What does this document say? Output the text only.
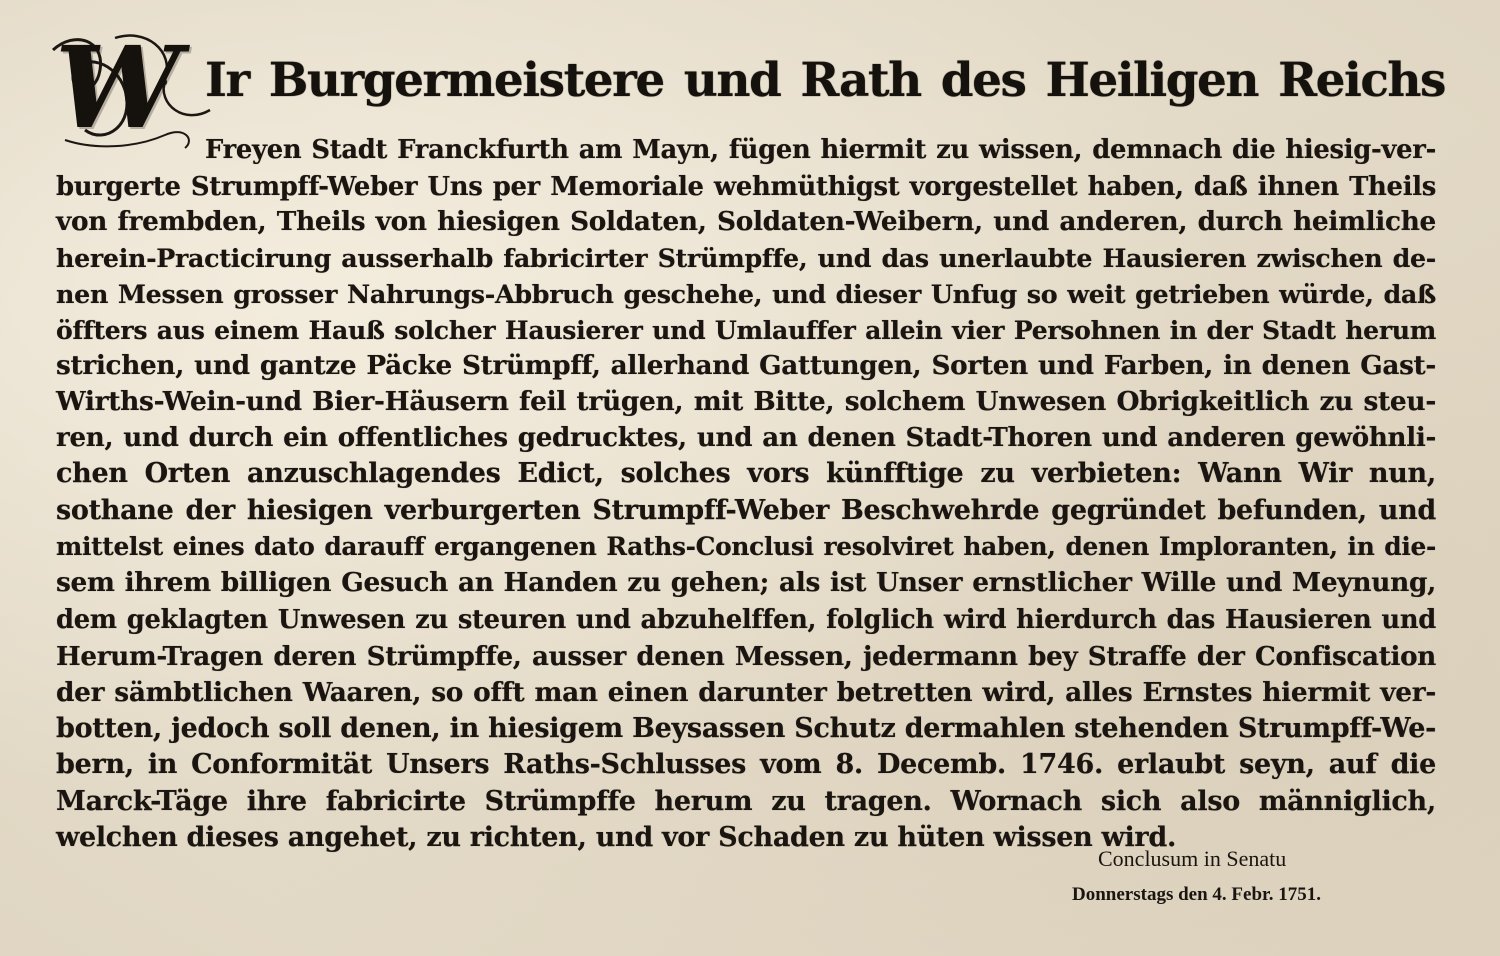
W Ir Burgermeistere und Rath des Heiligen Reichs
Freyen Stadt Franckfurth am Mayn, fügen hiermit zu wissen, demnach die hiesig-ver-
burgerte Strumpff-Weber Uns per Memoriale wehmüthigst vorgestellet haben, daß ihnen Theils
von frembden, Theils von hiesigen Soldaten, Soldaten-Weibern, und anderen, durch heimliche
herein-Practicirung ausserhalb fabricirter Strümpffe, und das unerlaubte Hausieren zwischen de-
nen Messen grosser Nahrungs-Abbruch geschehe, und dieser Unfug so weit getrieben würde, daß
öffters aus einem Hauß solcher Hausierer und Umlauffer allein vier Persohnen in der Stadt herum
strichen, und gantze Päcke Strümpff, allerhand Gattungen, Sorten und Farben, in denen Gast-
Wirths-Wein-und Bier-Häusern feil trügen, mit Bitte, solchem Unwesen Obrigkeitlich zu steu-
ren, und durch ein offentliches gedrucktes, und an denen Stadt-Thoren und anderen gewöhnli-
chen Orten anzuschlagendes Edict, solches vors künfftige zu verbieten: Wann Wir nun,
sothane der hiesigen verburgerten Strumpff-Weber Beschwehrde gegründet befunden, und
mittelst eines dato darauff ergangenen Raths-Conclusi resolviret haben, denen Imploranten, in die-
sem ihrem billigen Gesuch an Handen zu gehen; als ist Unser ernstlicher Wille und Meynung,
dem geklagten Unwesen zu steuren und abzuhelffen, folglich wird hierdurch das Hausieren und
Herum-Tragen deren Strümpffe, ausser denen Messen, jedermann bey Straffe der Confiscation
der sämbtlichen Waaren, so offt man einen darunter betretten wird, alles Ernstes hiermit ver-
botten, jedoch soll denen, in hiesigem Beysassen Schutz dermahlen stehenden Strumpff-We-
bern, in Conformität Unsers Raths-Schlusses vom 8. Decemb. 1746. erlaubt seyn, auf die
Marck-Täge ihre fabricirte Strümpffe herum zu tragen. Wornach sich also männiglich,
welchen dieses angehet, zu richten, und vor Schaden zu hüten wissen wird.
Conclusum in Senatu
Donnerstags den 4. Febr. 1751.
